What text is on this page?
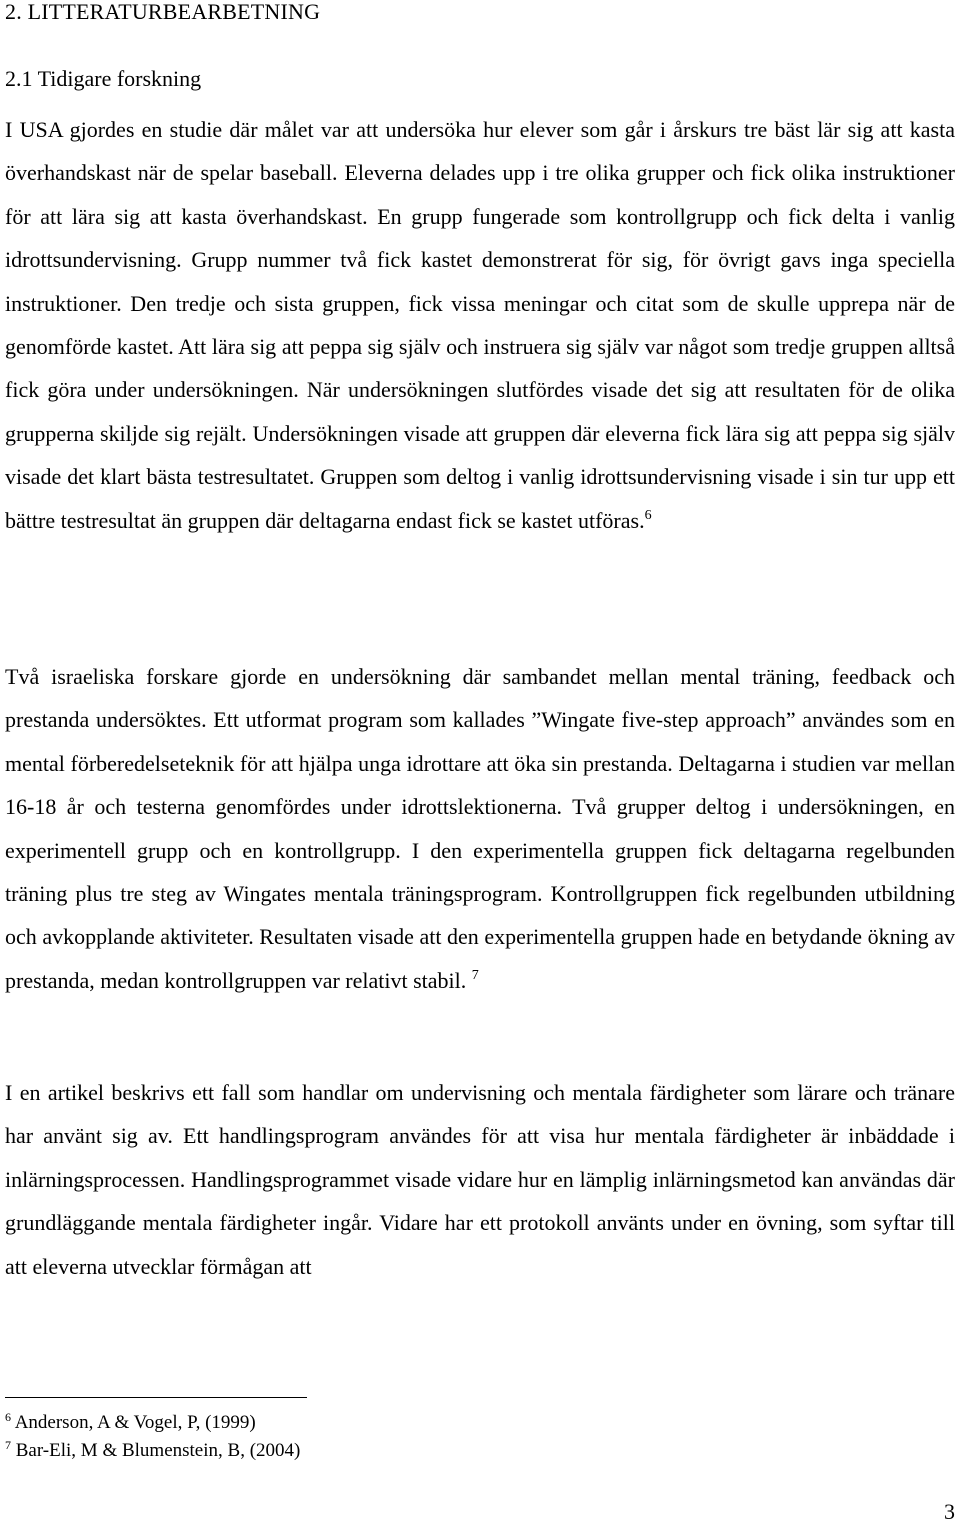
2. LITTERATURBEARBETNING
2.1 Tidigare forskning

I USA gjordes en studie där målet var att undersöka hur elever som går i årskurs tre bäst lär sig att kasta överhandskast när de spelar baseball. Eleverna delades upp i tre olika grupper och fick olika instruktioner för att lära sig att kasta överhandskast. En grupp fungerade som kontrollgrupp och fick delta i vanlig idrottsundervisning. Grupp nummer två fick kastet demonstrerat för sig, för övrigt gavs inga speciella instruktioner. Den tredje och sista gruppen, fick vissa meningar och citat som de skulle upprepa när de genomförde kastet. Att lära sig att peppa sig själv och instruera sig själv var något som tredje gruppen alltså fick göra under undersökningen. När undersökningen slutfördes visade det sig att resultaten för de olika grupperna skiljde sig rejält. Undersökningen visade att gruppen där eleverna fick lära sig att peppa sig själv visade det klart bästa testresultatet. Gruppen som deltog i vanlig idrottsundervisning visade i sin tur upp ett bättre testresultat än gruppen där deltagarna endast fick se kastet utföras.$^6$

Två israeliska forskare gjorde en undersökning där sambandet mellan mental träning, feedback och prestanda undersöktes. Ett utformat program som kallades ”Wingate five-step approach” användes som en mental förberedelseteknik för att hjälpa unga idrottare att öka sin prestanda. Deltagarna i studien var mellan 16-18 år och testerna genomfördes under idrottslektionerna. Två grupper deltog i undersökningen, en experimentell grupp och en kontrollgrupp. I den experimentella gruppen fick deltagarna regelbunden träning plus tre steg av Wingates mentala träningsprogram. Kontrollgruppen fick regelbunden utbildning och avkopplande aktiviteter. Resultaten visade att den experimentella gruppen hade en betydande ökning av prestanda, medan kontrollgruppen var relativt stabil. $^7$

I en artikel beskrivs ett fall som handlar om undervisning och mentala färdigheter som lärare och tränare har använt sig av. Ett handlingsprogram användes för att visa hur mentala färdigheter är inbäddade i inlärningsprocessen. Handlingsprogrammet visade vidare hur en lämplig inlärningsmetod kan användas där grundläggande mentala färdigheter ingår. Vidare har ett protokoll använts under en övning, som syftar till att eleverna utvecklar förmågan att

$^6$ Anderson, A & Vogel, P, (1999)

$^7$ Bar-Eli, M & Blumenstein, B, (2004)

3
